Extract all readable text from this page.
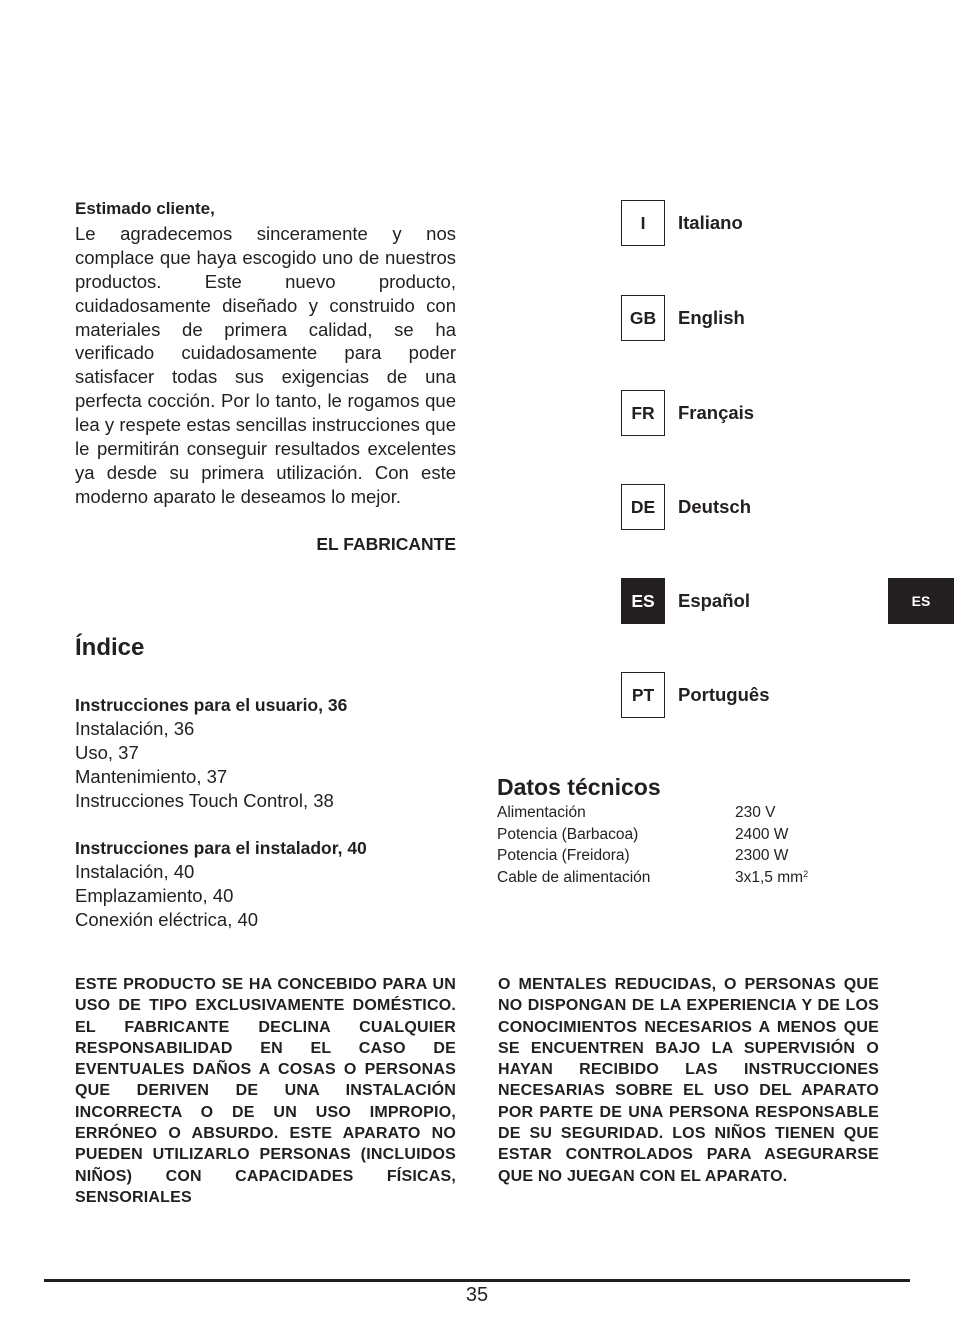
Estimado cliente,
Le agradecemos sinceramente y nos complace que haya escogido uno de nuestros productos. Este nuevo producto, cuidadosamente diseñado y construido con materiales de primera calidad, se ha verificado cuidadosamente para poder satisfacer todas sus exigencias de una perfecta cocción. Por lo tanto, le rogamos que lea y respete estas sencillas instrucciones que le permitirán conseguir resultados excelentes ya desde su primera utilización. Con este moderno aparato le deseamos lo mejor.
EL FABRICANTE
Índice
Instrucciones para el usuario, 36
Instalación, 36
Uso, 37
Mantenimiento, 37
Instrucciones Touch Control, 38
Instrucciones para el instalador, 40
Instalación, 40
Emplazamiento, 40
Conexión eléctrica, 40
I	Italiano
GB	English
FR	Français
DE	Deutsch
ES	Español
PT	Português
ES
Datos técnicos
Alimentación	230 V
Potencia (Barbacoa)	2400 W
Potencia (Freidora)	2300 W
Cable de alimentación	3x1,5 $mm^2$
ESTE PRODUCTO SE HA CONCEBIDO PARA UN USO DE TIPO EXCLUSIVAMENTE DOMÉSTICO. EL FABRICANTE DECLINA CUALQUIER RESPONSABILIDAD EN EL CASO DE EVENTUALES DAÑOS A COSAS O PERSONAS QUE DERIVEN DE UNA INSTALACIÓN INCORRECTA O DE UN USO IMPROPIO, ERRÓNEO O ABSURDO. ESTE APARATO NO PUEDEN UTILIZARLO PERSONAS (INCLUIDOS NIÑOS) CON CAPACIDADES FÍSICAS, SENSORIALES
O MENTALES REDUCIDAS, O PERSONAS QUE NO DISPONGAN DE LA EXPERIENCIA Y DE LOS CONOCIMIENTOS NECESARIOS A MENOS QUE SE ENCUENTREN BAJO LA SUPERVISIÓN O HAYAN RECIBIDO LAS INSTRUCCIONES NECESARIAS SOBRE EL USO DEL APARATO POR PARTE DE UNA PERSONA RESPONSABLE DE SU SEGURIDAD. LOS NIÑOS TIENEN QUE ESTAR CONTROLADOS PARA ASEGURARSE QUE NO JUEGAN CON EL APARATO.
35
